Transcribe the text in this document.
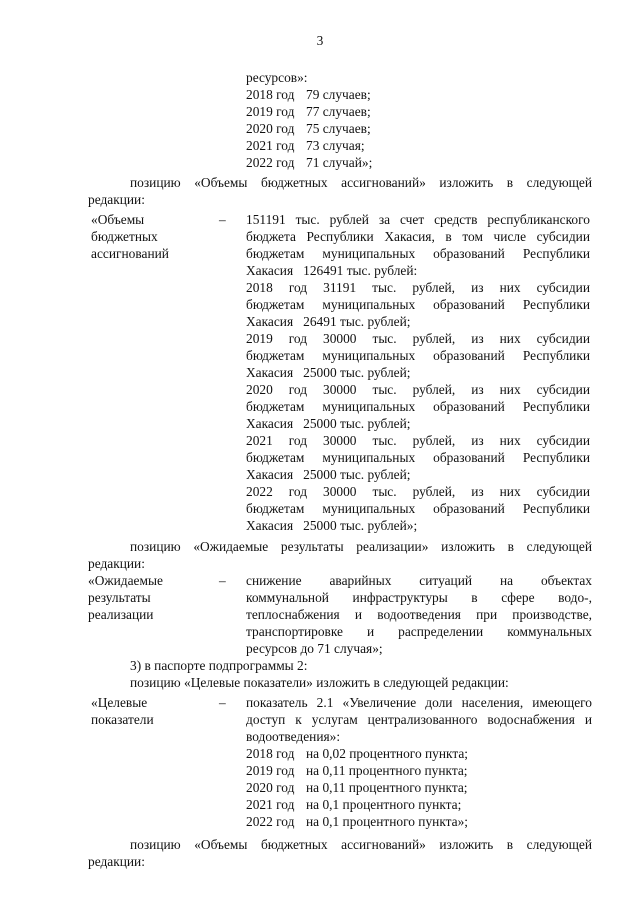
3
ресурсов»:
2018 год 79 случаев;
2019 год 77 случаев;
2020 год 75 случаев;
2021 год 73 случая;
2022 год 71 случай»;
позицию «Объемы бюджетных ассигнований» изложить в следующей
редакции:
«Объемы
бюджетных
ассигнований
– 151191 тыс. рублей за счет средств республиканского
бюджета Республики Хакасия, в том числе субсидии
бюджетам муниципальных образований Республики
Хакасия   126491 тыс. рублей:
2018 год 31191 тыс. рублей, из них субсидии
бюджетам муниципальных образований Республики
Хакасия   26491 тыс. рублей;
2019 год 30000 тыс. рублей, из них субсидии
бюджетам муниципальных образований Республики
Хакасия   25000 тыс. рублей;
2020 год 30000 тыс. рублей, из них субсидии
бюджетам муниципальных образований Республики
Хакасия   25000 тыс. рублей;
2021 год 30000 тыс. рублей, из них субсидии
бюджетам муниципальных образований Республики
Хакасия   25000 тыс. рублей;
2022 год 30000 тыс. рублей, из них субсидии
бюджетам муниципальных образований Республики
Хакасия   25000 тыс. рублей»;
позицию «Ожидаемые результаты реализации» изложить в следующей
редакции:
«Ожидаемые
результаты
реализации
– снижение аварийных ситуаций на объектах
коммунальной инфраструктуры в сфере водо-,
теплоснабжения и водоотведения при производстве,
транспортировке и распределении коммунальных
ресурсов до 71 случая»;
3) в паспорте подпрограммы 2:
позицию «Целевые показатели» изложить в следующей редакции:
«Целевые
показатели
– показатель 2.1 «Увеличение доли населения, имеющего
доступ к услугам централизованного водоснабжения и
водоотведения»:
2018 год на 0,02 процентного пункта;
2019 год на 0,11 процентного пункта;
2020 год на 0,11 процентного пункта;
2021 год на 0,1 процентного пункта;
2022 год на 0,1 процентного пункта»;
позицию «Объемы бюджетных ассигнований» изложить в следующей
редакции:
